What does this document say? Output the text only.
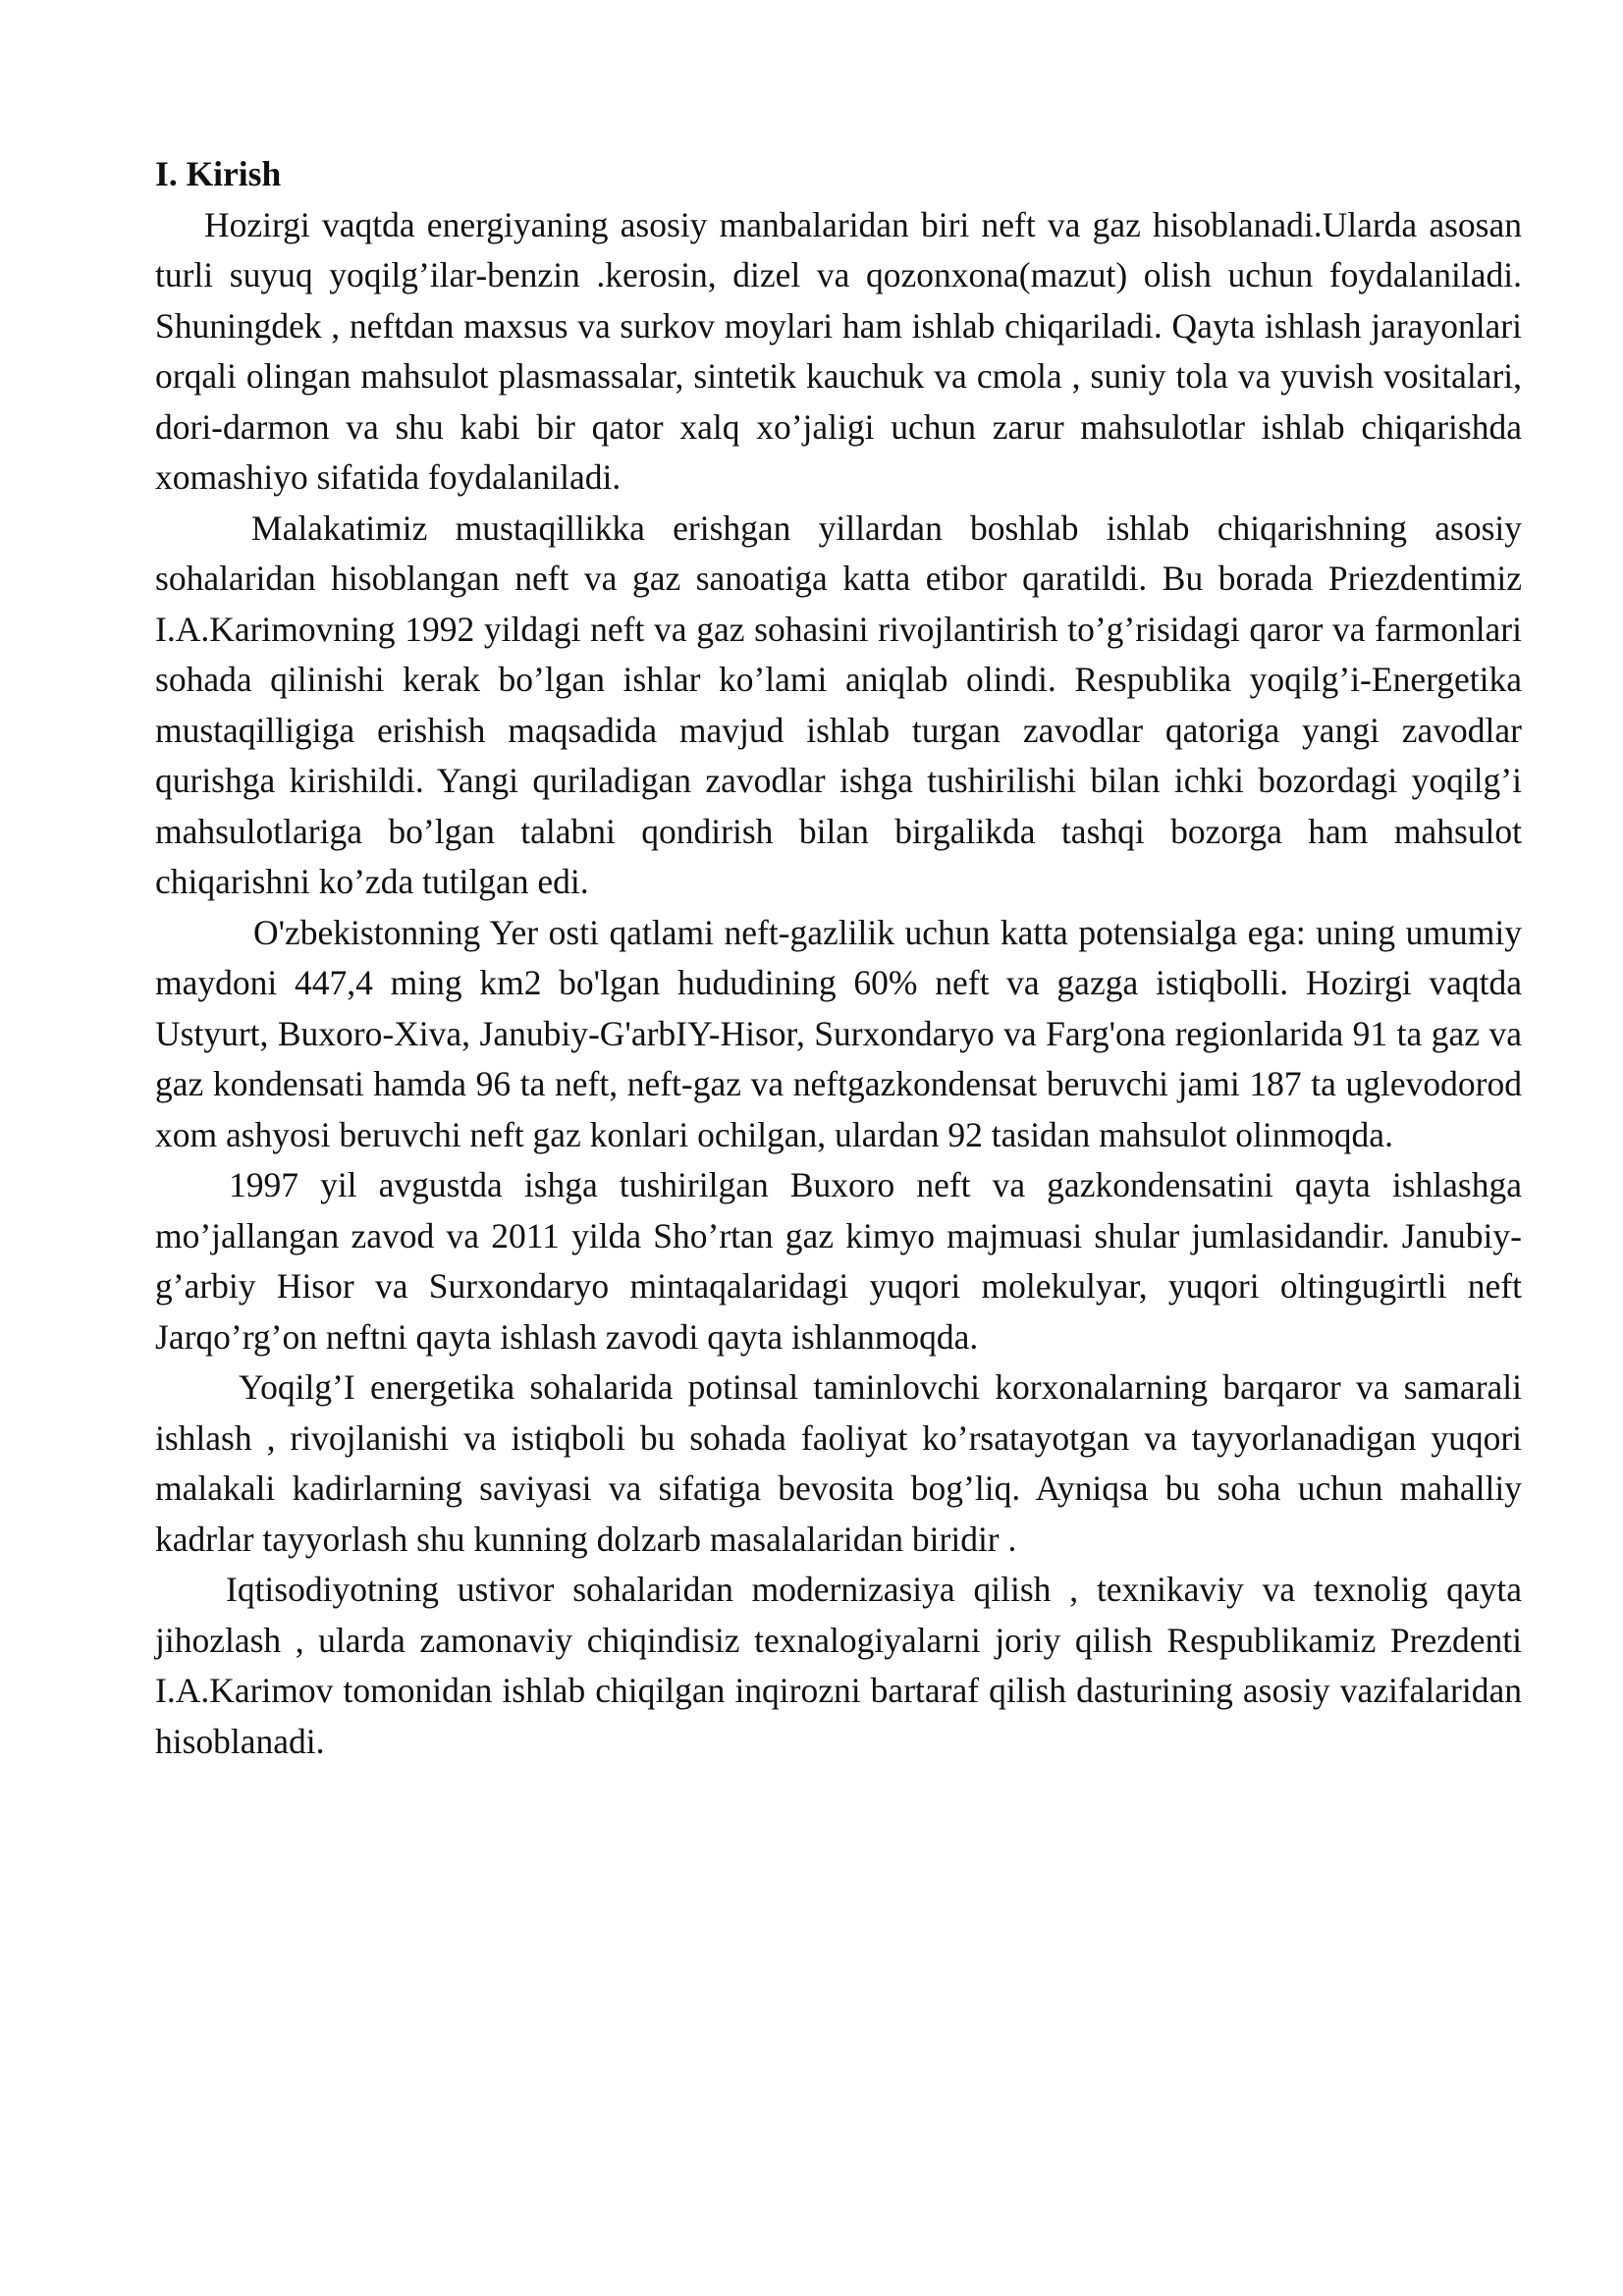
I. Kirish

Hozirgi vaqtda energiyaning asosiy manbalaridan biri neft va gaz hisoblanadi.Ularda asosan turli suyuq yoqilg’ilar-benzin .kerosin, dizel va qozonxona(mazut) olish uchun foydalaniladi. Shuningdek , neftdan maxsus va surkov moylari ham ishlab chiqariladi. Qayta ishlash jarayonlari orqali olingan mahsulot plasmassalar, sintetik kauchuk va cmola , suniy tola va yuvish vositalari, dori-darmon va shu kabi bir qator xalq xo’jaligi uchun zarur mahsulotlar ishlab chiqarishda xomashiyo sifatida foydalaniladi.

Malakatimiz mustaqillikka erishgan yillardan boshlab ishlab chiqarishning asosiy sohalaridan hisoblangan neft va gaz sanoatiga katta etibor qaratildi. Bu borada Priezdentimiz I.A.Karimovning 1992 yildagi neft va gaz sohasini rivojlantirish to’g’risidagi qaror va farmonlari sohada qilinishi kerak bo’lgan ishlar ko’lami aniqlab olindi. Respublika yoqilg’i-Energetika mustaqilligiga erishish maqsadida mavjud ishlab turgan zavodlar qatoriga yangi zavodlar qurishga kirishildi. Yangi quriladigan zavodlar ishga tushirilishi bilan ichki bozordagi yoqilg’i mahsulotlariga bo’lgan talabni qondirish bilan birgalikda tashqi bozorga ham mahsulot chiqarishni ko’zda tutilgan edi.

O'zbekistonning Yer osti qatlami neft-gazlilik uchun katta potensialga ega: uning umumiy maydoni 447,4 ming km2 bo'lgan hududining 60% neft va gazga istiqbolli. Hozirgi vaqtda Ustyurt, Buxoro-Xiva, Janubiy-G'arbIY-Hisor, Surxondaryo va Farg'ona regionlarida 91 ta gaz va gaz kondensati hamda 96 ta neft, neft-gaz va neftgazkondensat beruvchi jami 187 ta uglevodorod xom ashyosi beruvchi neft gaz konlari ochilgan, ulardan 92 tasidan mahsulot olinmoqda.

1997 yil avgustda ishga tushirilgan Buxoro neft va gazkondensatini qayta ishlashga mo’jallangan zavod va 2011 yilda Sho’rtan gaz kimyo majmuasi shular jumlasidandir. Janubiy-g’arbiy Hisor va Surxondaryo mintaqalaridagi yuqori molekulyar, yuqori oltingugirtli neft Jarqo’rg’on neftni qayta ishlash zavodi qayta ishlanmoqda.

Yoqilg’I energetika sohalarida potinsal taminlovchi korxonalarning barqaror va samarali ishlash , rivojlanishi va istiqboli bu sohada faoliyat ko’rsatayotgan va tayyorlanadigan yuqori malakali kadirlarning saviyasi va sifatiga bevosita bog’liq. Ayniqsa bu soha uchun mahalliy kadrlar tayyorlash shu kunning dolzarb masalalaridan biridir .

Iqtisodiyotning ustivor sohalaridan modernizasiya qilish , texnikaviy va texnolig qayta jihozlash , ularda zamonaviy chiqindisiz texnalogiyalarni joriy qilish Respublikamiz Prezdenti I.A.Karimov tomonidan ishlab chiqilgan inqirozni bartaraf qilish dasturining asosiy vazifalaridan hisoblanadi.
